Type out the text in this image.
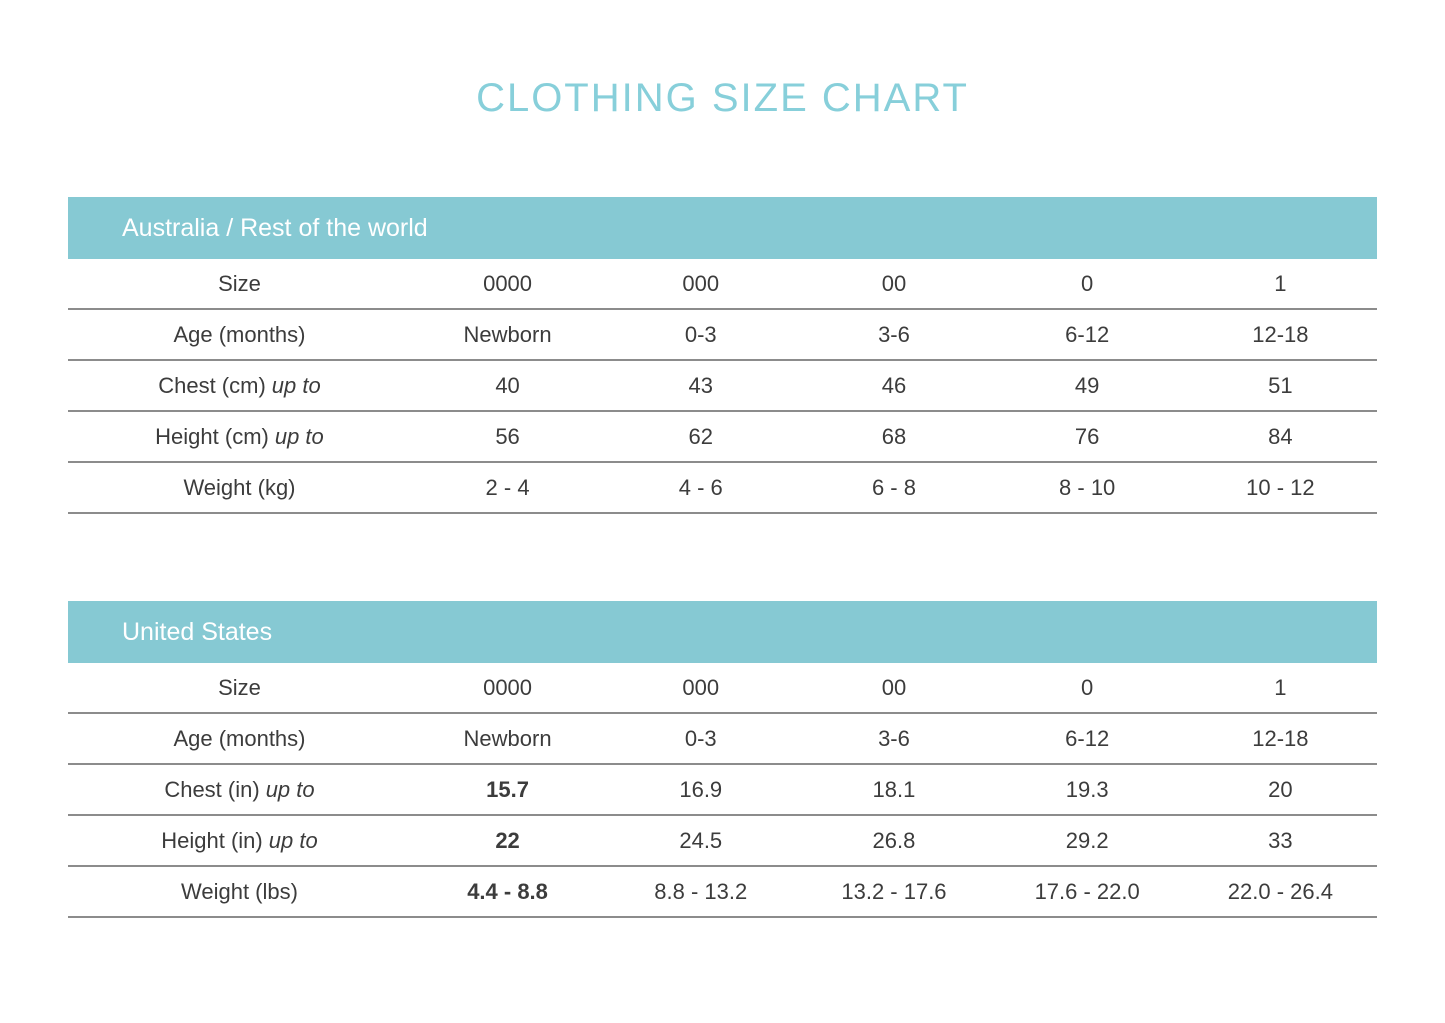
CLOTHING SIZE CHART
Australia / Rest of the world
Size	0000	000	00	0	1
Age (months)	Newborn	0-3	3-6	6-12	12-18
Chest (cm) up to	40	43	46	49	51
Height (cm) up to	56	62	68	76	84
Weight (kg)	2 - 4	4 - 6	6 - 8	8 - 10	10 - 12
United States
Size	0000	000	00	0	1
Age (months)	Newborn	0-3	3-6	6-12	12-18
Chest (in) up to	15.7	16.9	18.1	19.3	20
Height (in) up to	22	24.5	26.8	29.2	33
Weight (lbs)	4.4 - 8.8	8.8 - 13.2	13.2 - 17.6	17.6 - 22.0	22.0 - 26.4
